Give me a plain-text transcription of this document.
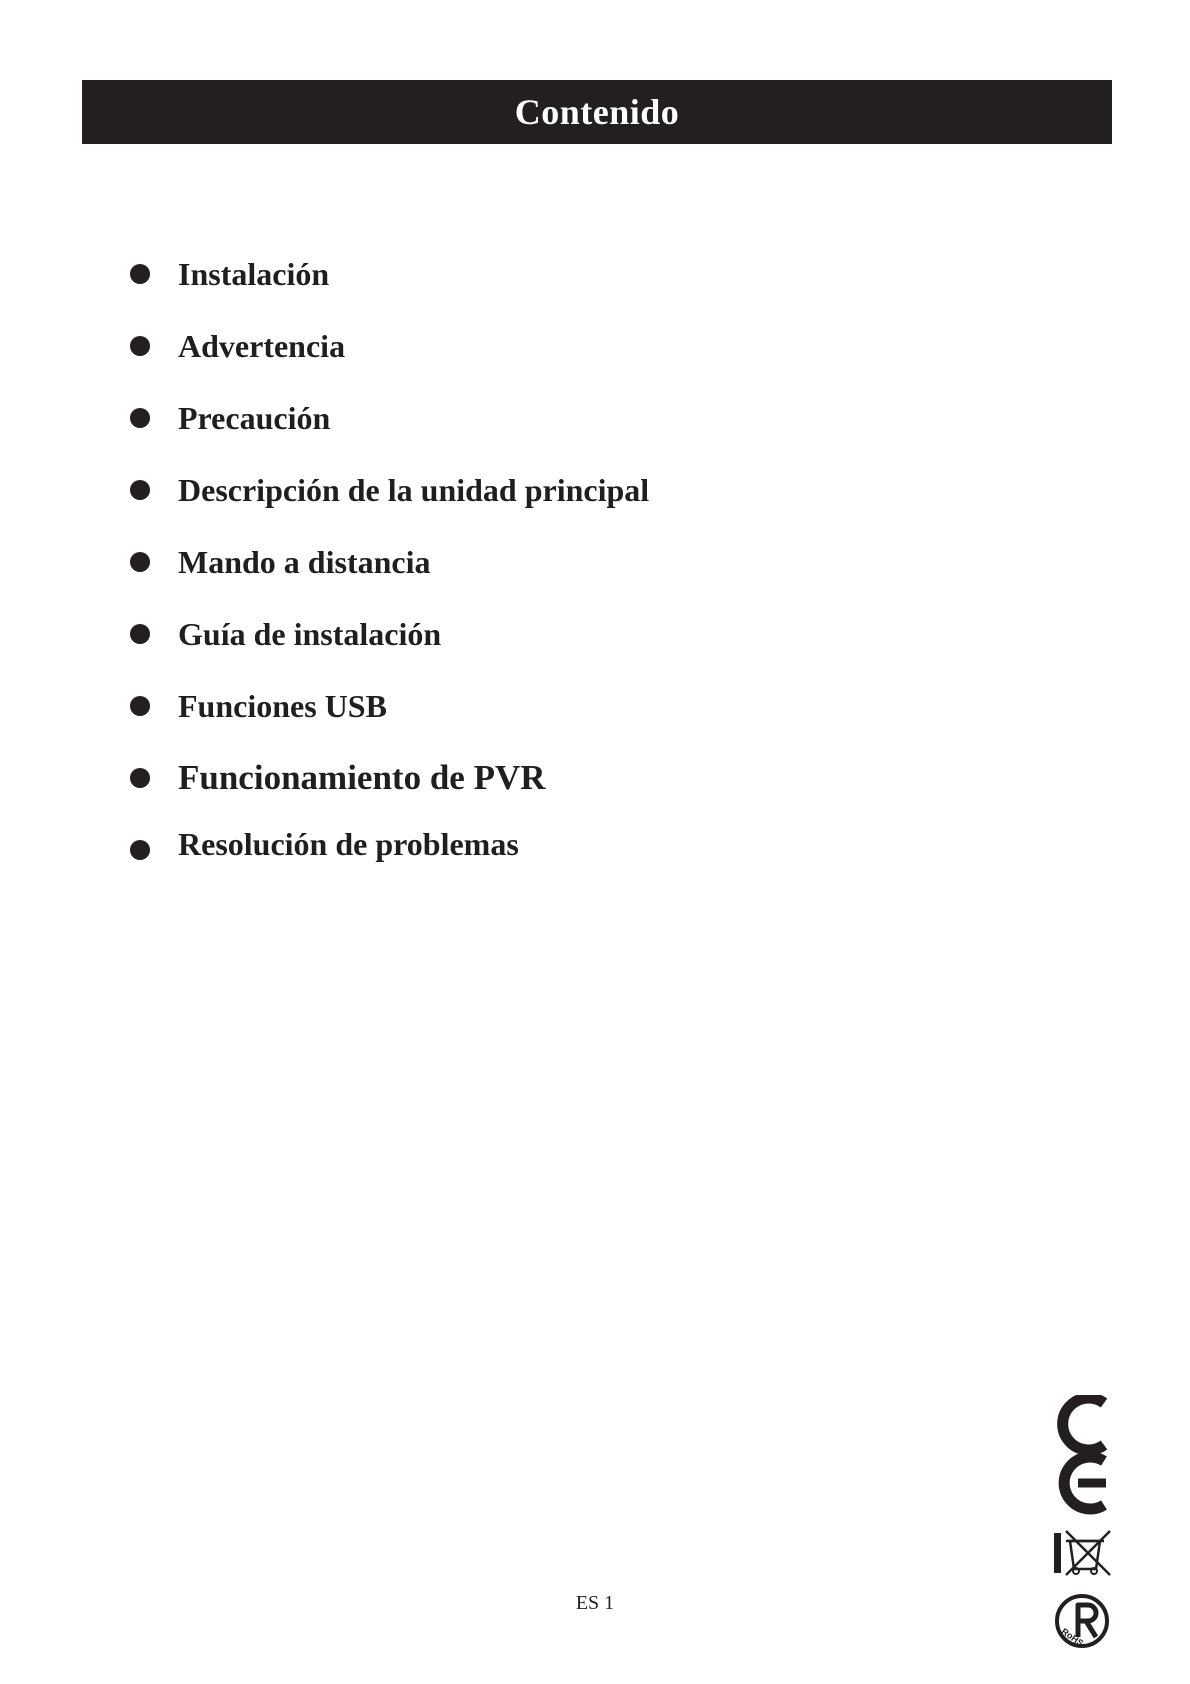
Contenido
Instalación
Advertencia
Precaución
Descripción de la unidad principal
Mando a distancia
Guía de instalación
Funciones USB
Funcionamiento de PVR
Resolución de problemas
RoHS
ES 1
